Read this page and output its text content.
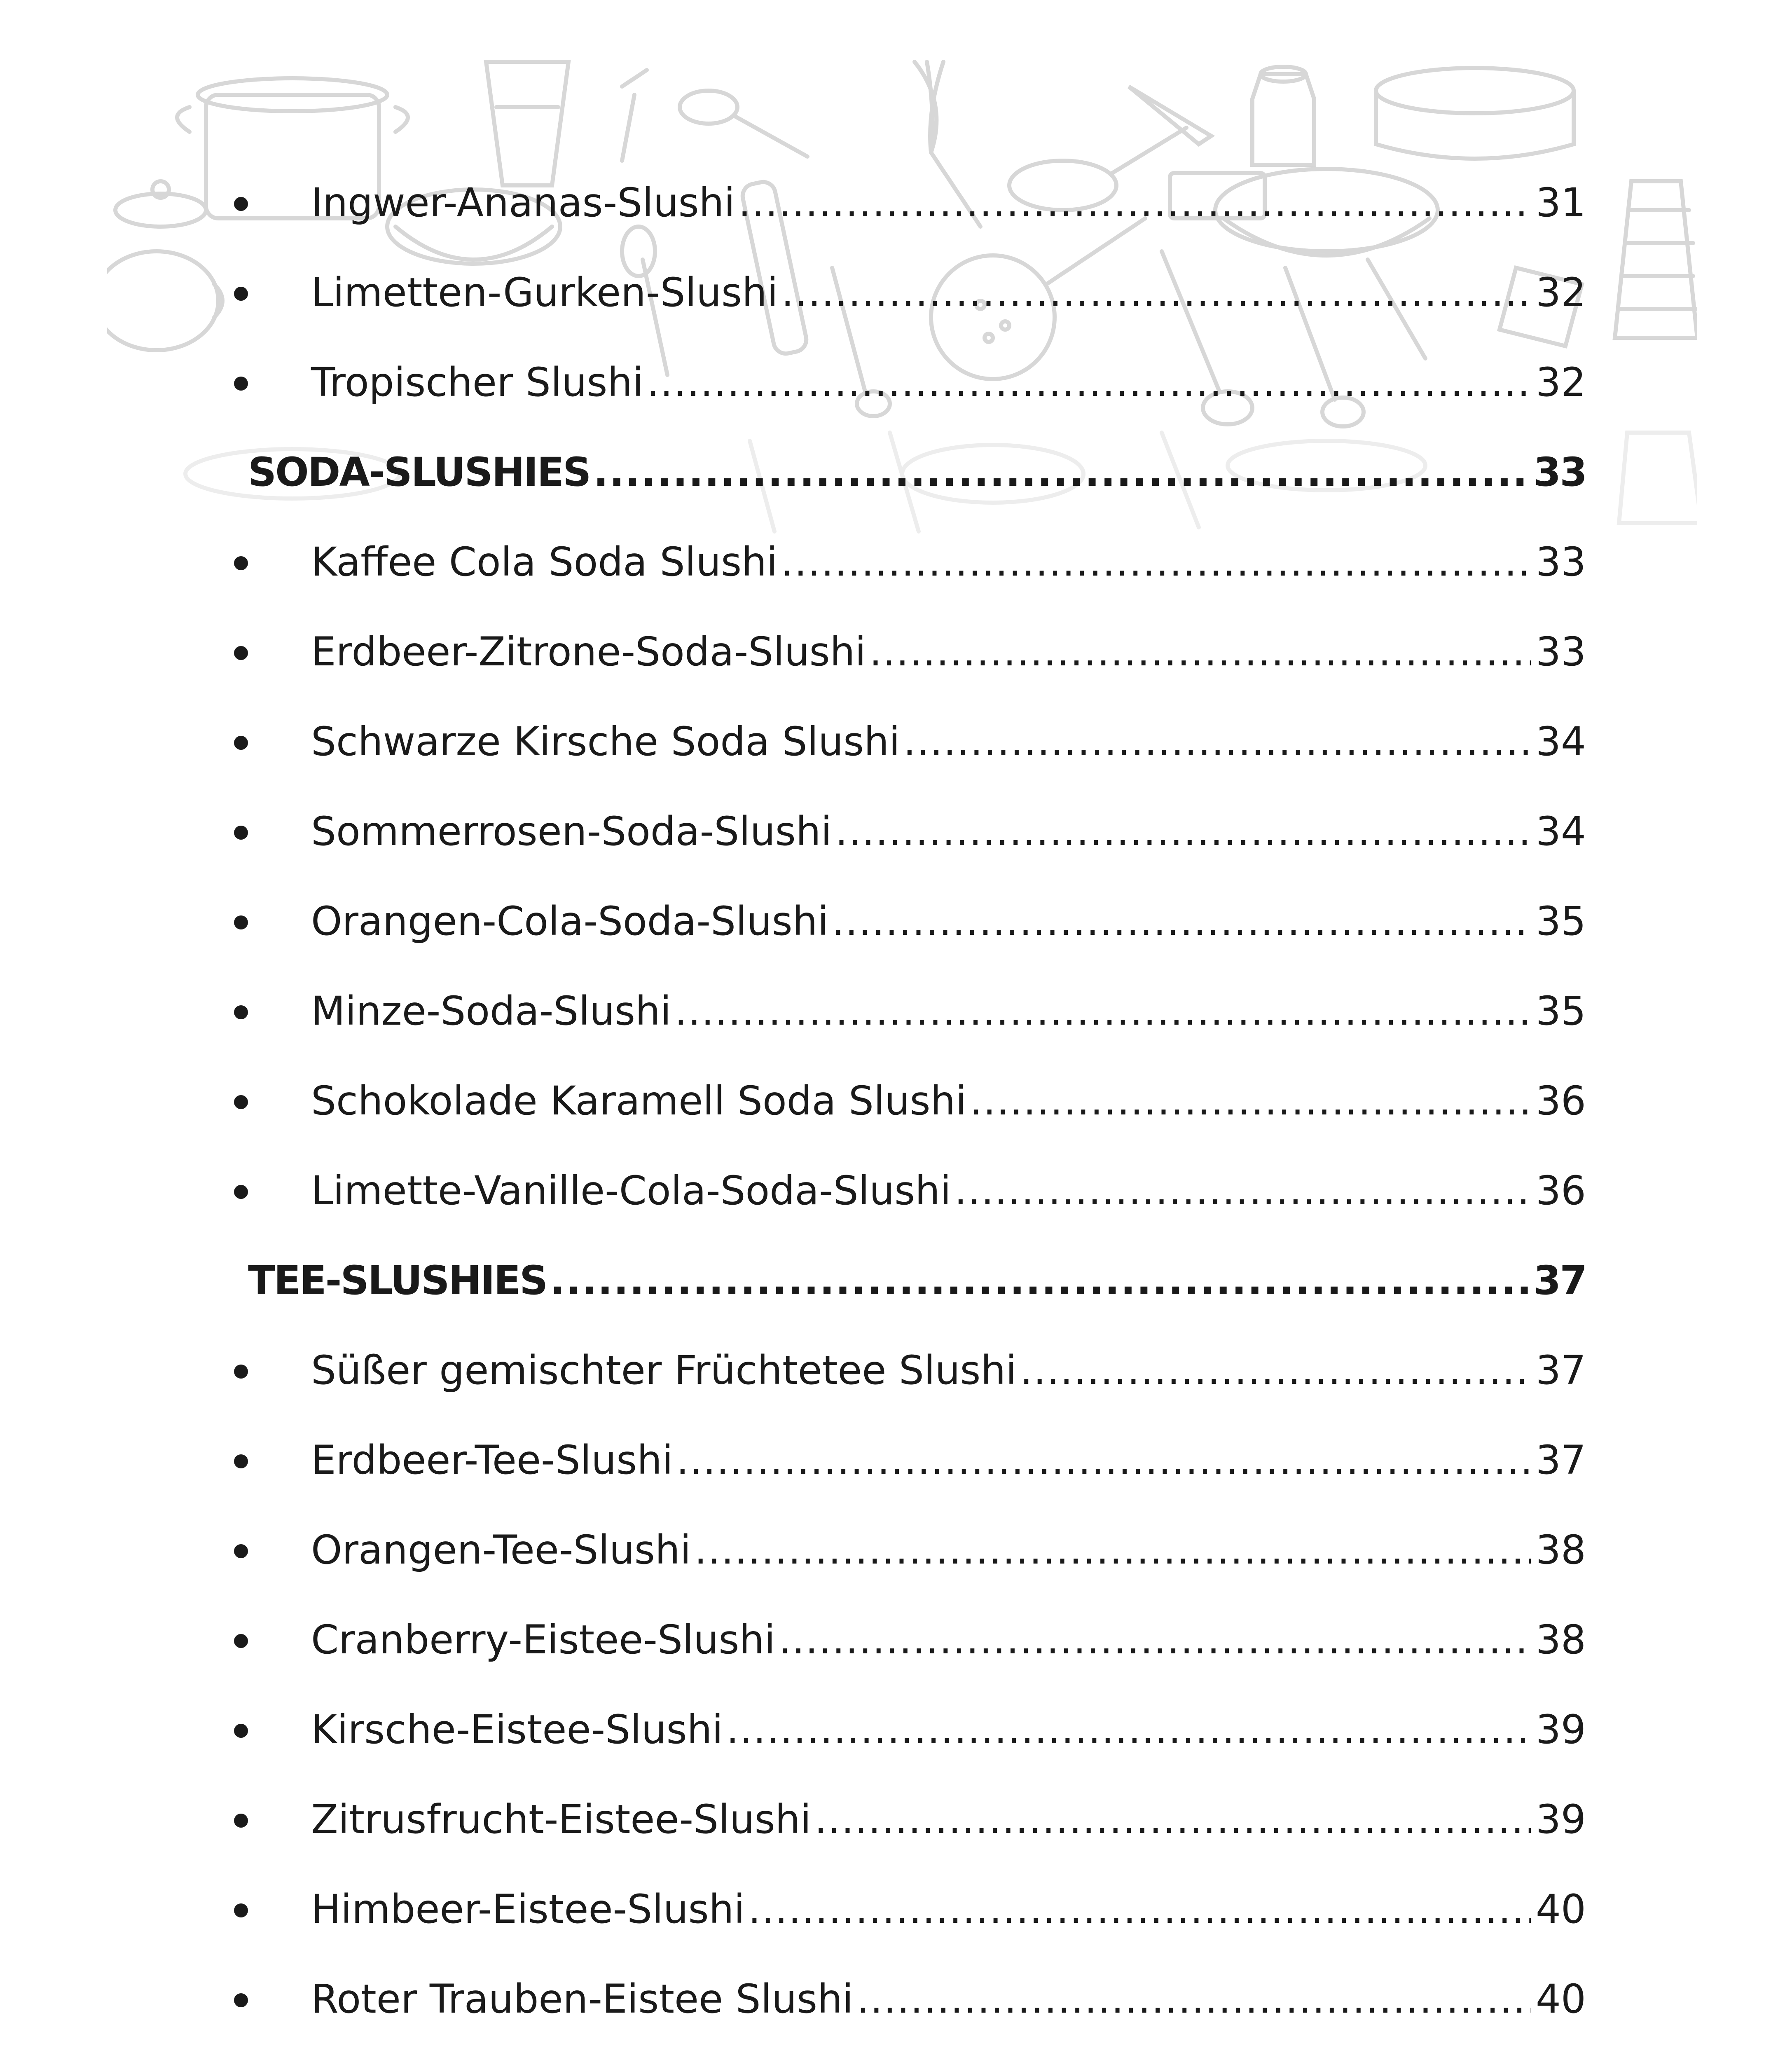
Ingwer-Ananas-Slushi .....	31
Limetten-Gurken-Slushi .....	32
Tropischer Slushi .....	32
SODA-SLUSHIES .....	33
Kaffee Cola Soda Slushi .....	33
Erdbeer-Zitrone-Soda-Slushi .....	33
Schwarze Kirsche Soda Slushi .....	34
Sommerrosen-Soda-Slushi .....	34
Orangen-Cola-Soda-Slushi .....	35
Minze-Soda-Slushi .....	35
Schokolade Karamell Soda Slushi .....	36
Limette-Vanille-Cola-Soda-Slushi .....	36
TEE-SLUSHIES .....	37
Süßer gemischter Früchtetee Slushi .....	37
Erdbeer-Tee-Slushi .....	37
Orangen-Tee-Slushi .....	38
Cranberry-Eistee-Slushi .....	38
Kirsche-Eistee-Slushi .....	39
Zitrusfrucht-Eistee-Slushi .....	39
Himbeer-Eistee-Slushi .....	40
Roter Trauben-Eistee Slushi .....	40
